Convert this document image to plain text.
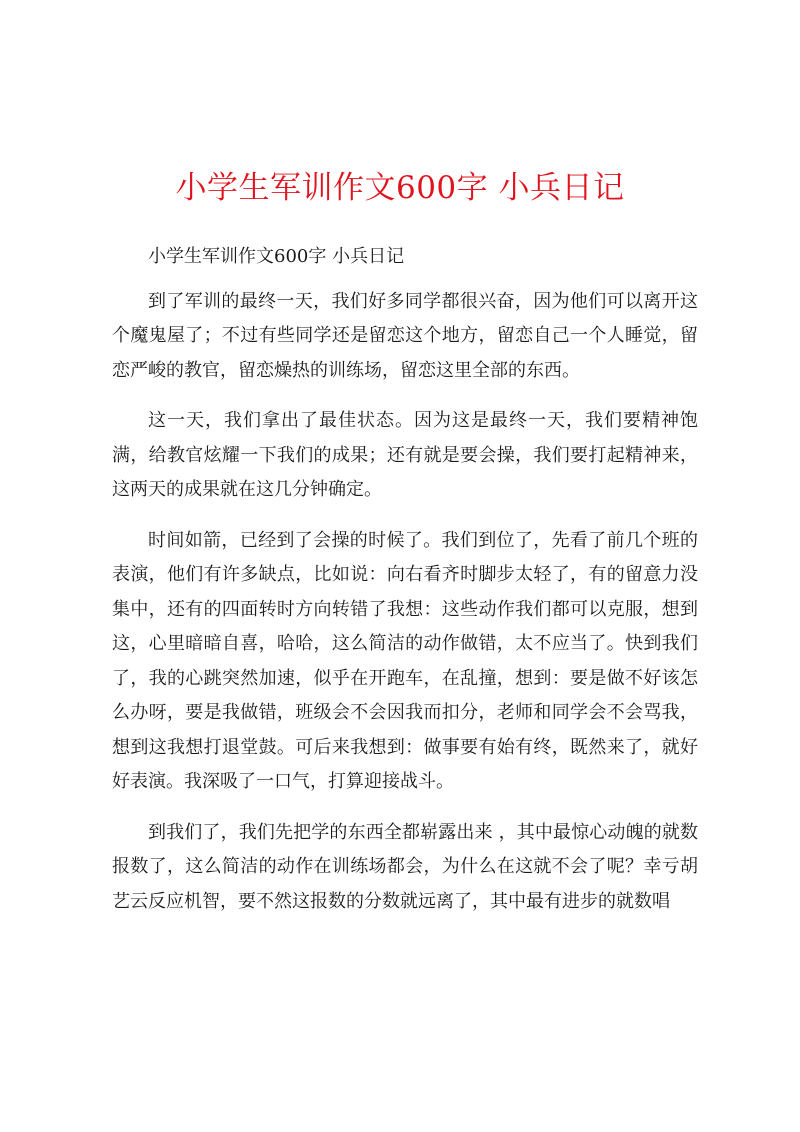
小学生军训作文600字 小兵日记

小学生军训作文600字 小兵日记

到了军训的最终一天，我们好多同学都很兴奋，因为他们可以离开这个魔鬼屋了；不过有些同学还是留恋这个地方，留恋自己一个人睡觉，留恋严峻的教官，留恋燥热的训练场，留恋这里全部的东西。

这一天，我们拿出了最佳状态。因为这是最终一天，我们要精神饱满，给教官炫耀一下我们的成果；还有就是要会操，我们要打起精神来，这两天的成果就在这几分钟确定。

时间如箭，已经到了会操的时候了。我们到位了，先看了前几个班的表演，他们有许多缺点，比如说：向右看齐时脚步太轻了，有的留意力没集中，还有的四面转时方向转错了我想：这些动作我们都可以克服，想到这，心里暗暗自喜，哈哈，这么简洁的动作做错，太不应当了。快到我们了，我的心跳突然加速，似乎在开跑车，在乱撞，想到：要是做不好该怎么办呀，要是我做错，班级会不会因我而扣分，老师和同学会不会骂我，想到这我想打退堂鼓。可后来我想到：做事要有始有终，既然来了，就好好表演。我深吸了一口气，打算迎接战斗。

到我们了，我们先把学的东西全都崭露出来 ，其中最惊心动魄的就数报数了，这么简洁的动作在训练场都会，为什么在这就不会了呢？幸亏胡艺云反应机智，要不然这报数的分数就远离了，其中最有进步的就数唱
